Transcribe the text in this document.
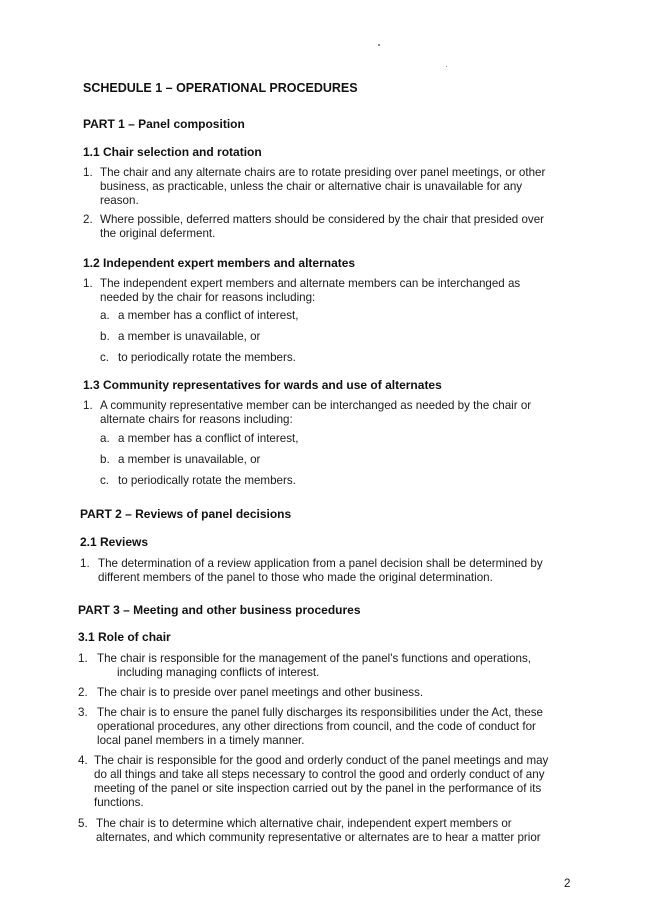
SCHEDULE 1 – OPERATIONAL PROCEDURES
PART 1 – Panel composition
1.1 Chair selection and rotation
1. The chair and any alternate chairs are to rotate presiding over panel meetings, or other
business, as practicable, unless the chair or alternative chair is unavailable for any
reason.
2. Where possible, deferred matters should be considered by the chair that presided over
the original deferment.
1.2 Independent expert members and alternates
1. The independent expert members and alternate members can be interchanged as
needed by the chair for reasons including:
a. a member has a conflict of interest,
b. a member is unavailable, or
c. to periodically rotate the members.
1.3 Community representatives for wards and use of alternates
1. A community representative member can be interchanged as needed by the chair or
alternate chairs for reasons including:
a. a member has a conflict of interest,
b. a member is unavailable, or
c. to periodically rotate the members.
PART 2 – Reviews of panel decisions
2.1 Reviews
1. The determination of a review application from a panel decision shall be determined by
different members of the panel to those who made the original determination.
PART 3 – Meeting and other business procedures
3.1 Role of chair
1. The chair is responsible for the management of the panel's functions and operations,
including managing conflicts of interest.
2. The chair is to preside over panel meetings and other business.
3. The chair is to ensure the panel fully discharges its responsibilities under the Act, these
operational procedures, any other directions from council, and the code of conduct for
local panel members in a timely manner.
4. The chair is responsible for the good and orderly conduct of the panel meetings and may
do all things and take all steps necessary to control the good and orderly conduct of any
meeting of the panel or site inspection carried out by the panel in the performance of its
functions.
5. The chair is to determine which alternative chair, independent expert members or
alternates, and which community representative or alternates are to hear a matter prior
2
